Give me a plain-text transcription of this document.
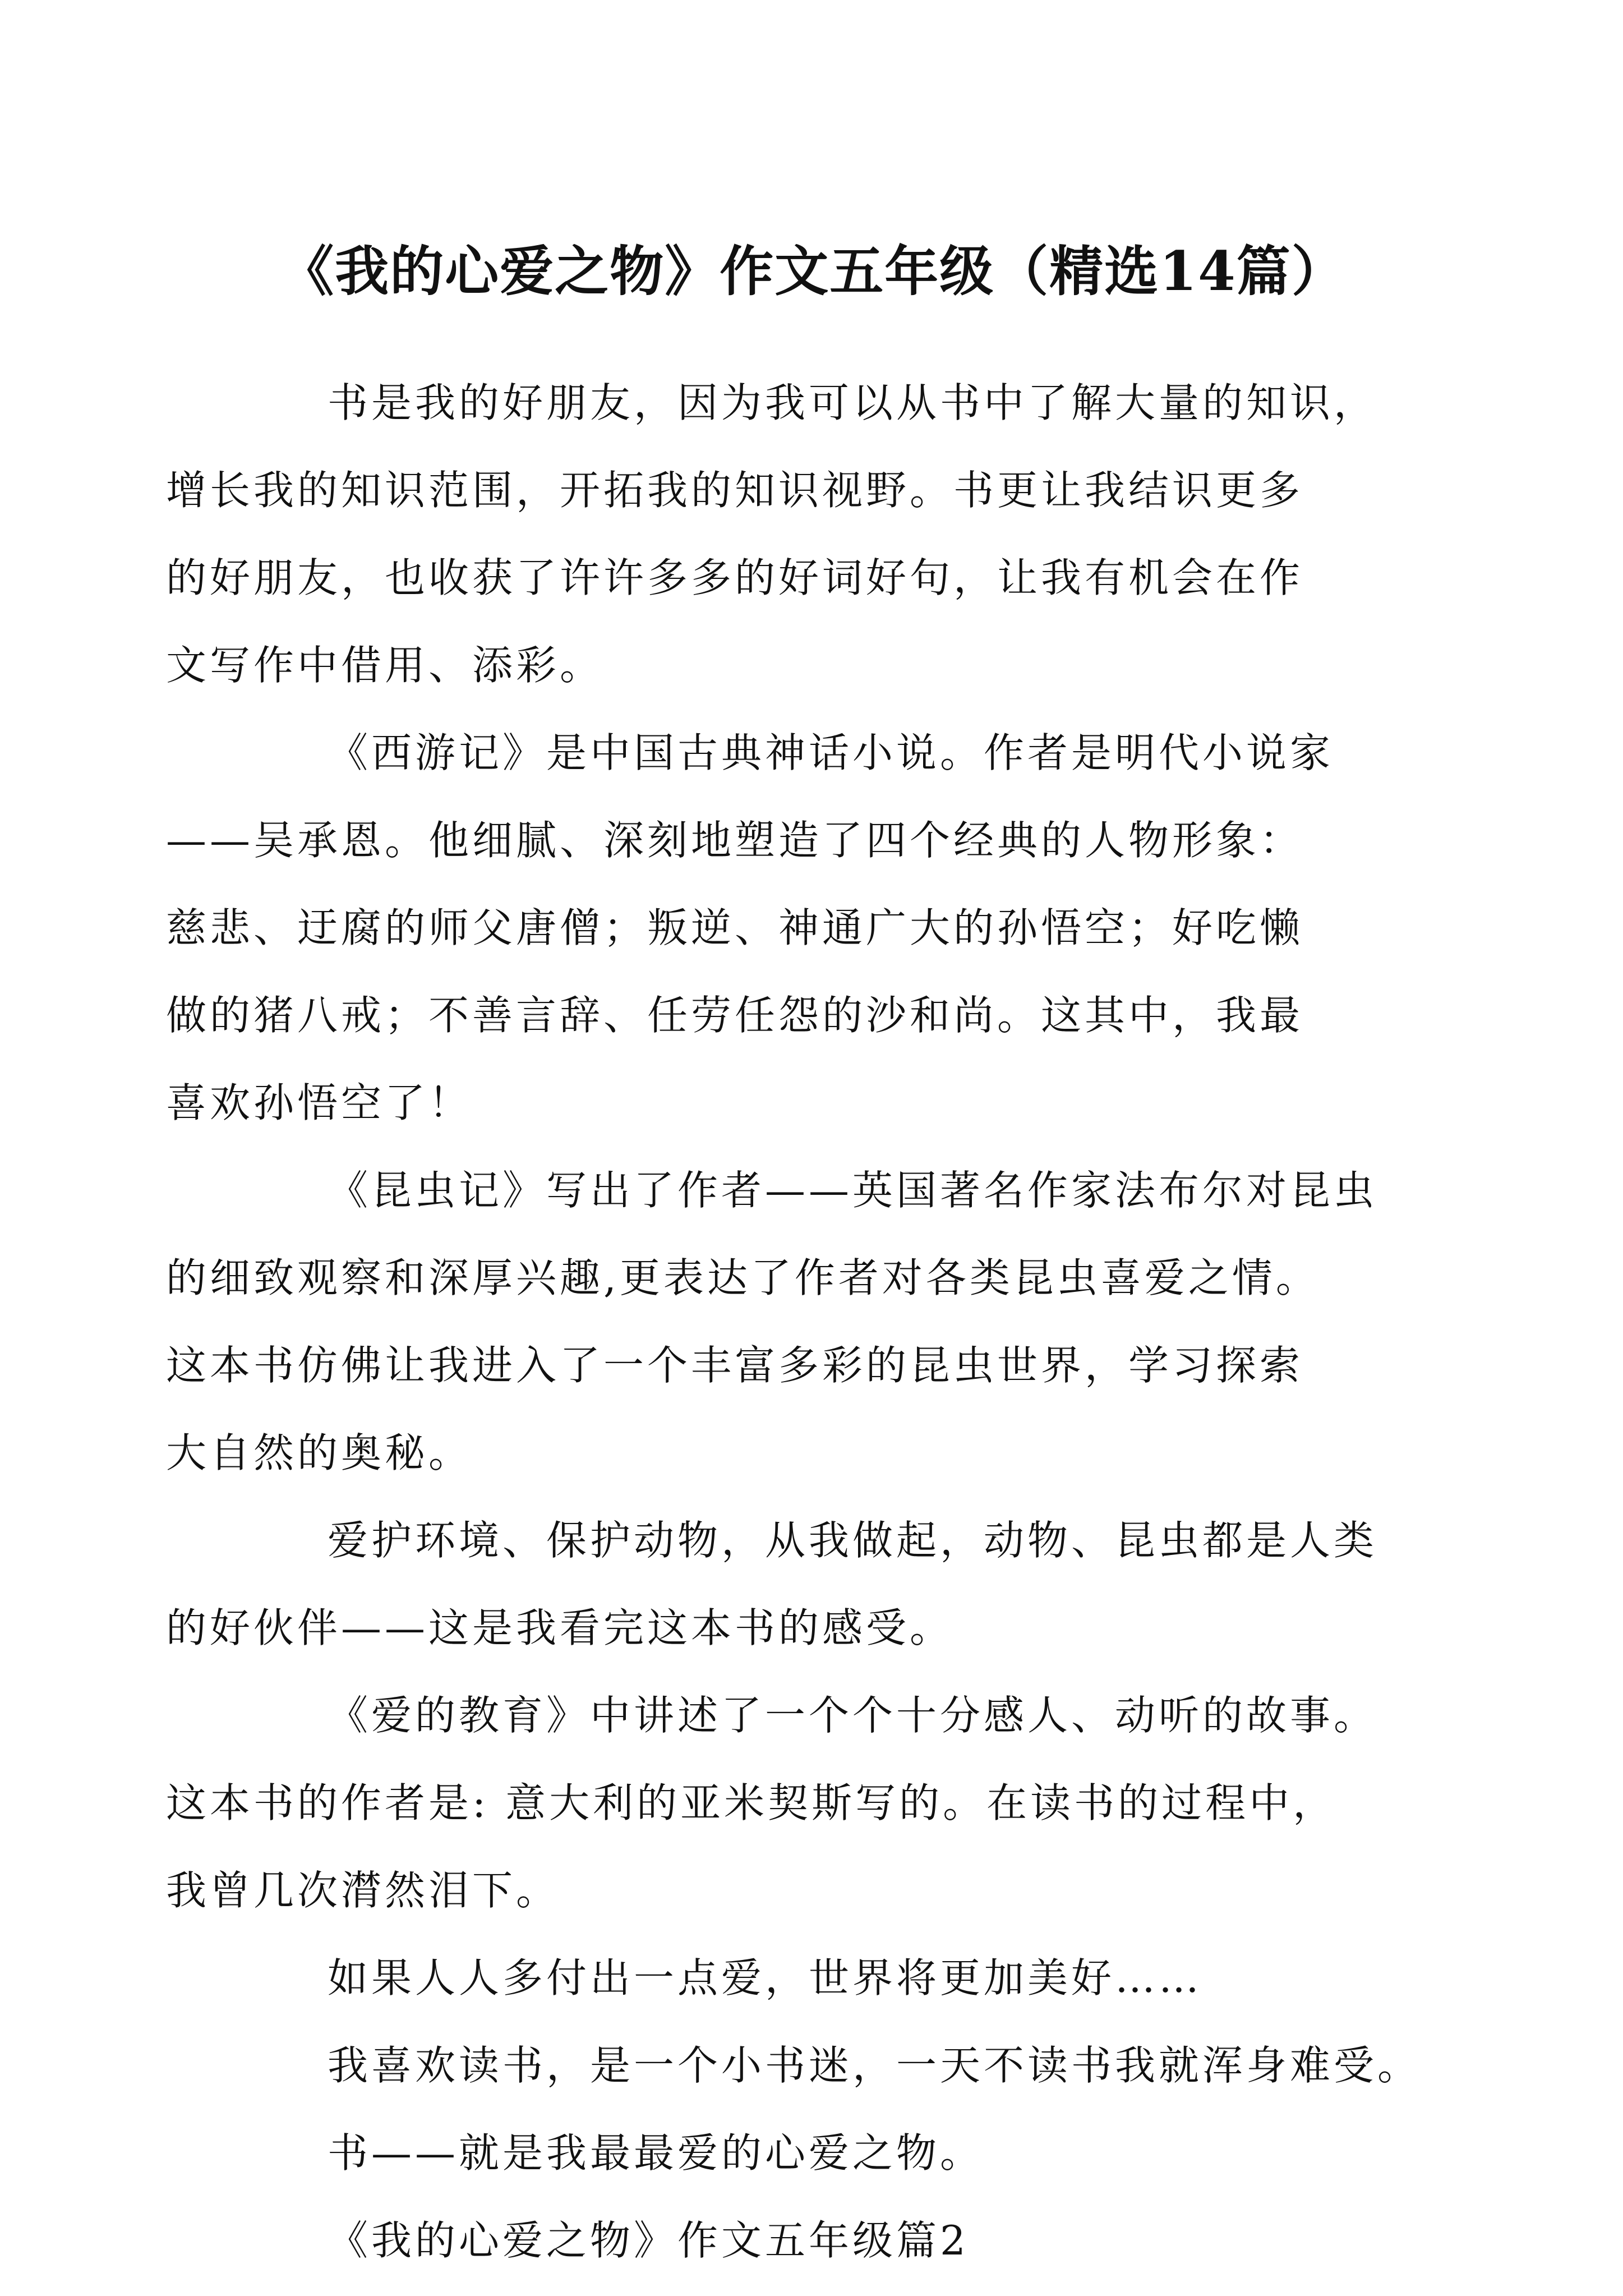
《我的心爱之物》作文五年级（精选14篇）

书是我的好朋友，因为我可以从书中了解大量的知识，
增长我的知识范围，开拓我的知识视野。书更让我结识更多
的好朋友，也收获了许许多多的好词好句，让我有机会在作
文写作中借用、添彩。

《西游记》是中国古典神话小说。作者是明代小说家
——吴承恩。他细腻、深刻地塑造了四个经典的人物形象：
慈悲、迂腐的师父唐僧；叛逆、神通广大的孙悟空；好吃懒
做的猪八戒；不善言辞、任劳任怨的沙和尚。这其中，我最
喜欢孙悟空了！

《昆虫记》写出了作者——英国著名作家法布尔对昆虫
的细致观察和深厚兴趣,更表达了作者对各类昆虫喜爱之情。
这本书仿佛让我进入了一个丰富多彩的昆虫世界，学习探索
大自然的奥秘。

爱护环境、保护动物，从我做起，动物、昆虫都是人类
的好伙伴——这是我看完这本书的感受。

《爱的教育》中讲述了一个个十分感人、动听的故事。
这本书的作者是: 意大利的亚米契斯写的。在读书的过程中，
我曾几次潸然泪下。

如果人人多付出一点爱，世界将更加美好……

我喜欢读书，是一个小书迷，一天不读书我就浑身难受。

书——就是我最最爱的心爱之物。

《我的心爱之物》作文五年级篇2
